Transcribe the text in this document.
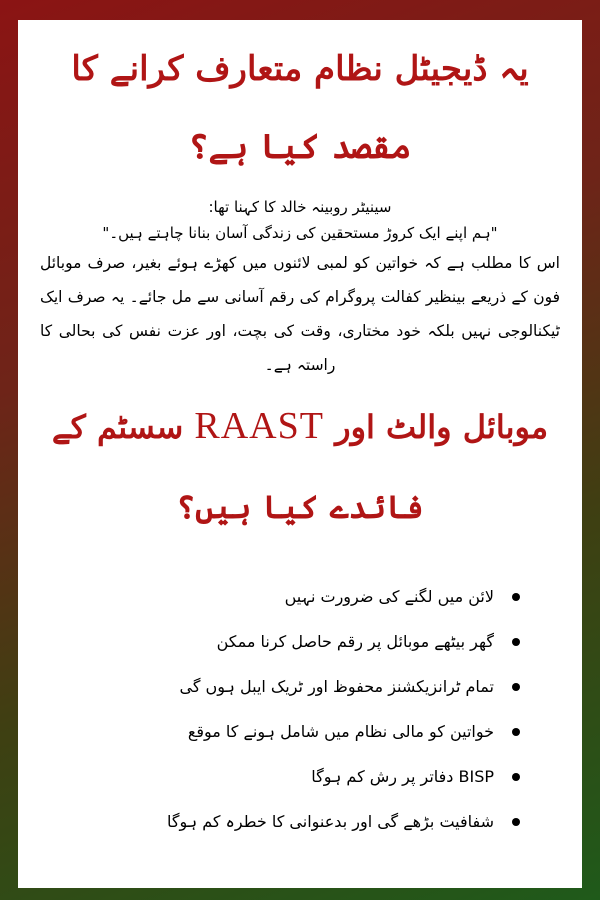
یہ ڈیجیٹل نظام متعارف کرانے کا
مقصد کیا ہے؟
سینیٹر روبینہ خالد کا کہنا تھا:
"ہم اپنے ایک کروڑ مستحقین کی زندگی آسان بنانا چاہتے ہیں۔"
اس کا مطلب ہے کہ خواتین کو لمبی لائنوں میں کھڑے ہوئے بغیر، صرف موبائل فون کے ذریعے بینظیر کفالت پروگرام کی رقم آسانی سے مل جائے۔ یہ صرف ایک ٹیکنالوجی نہیں بلکہ خود مختاری، وقت کی بچت، اور عزت نفس کی بحالی کا راستہ ہے۔
موبائل والٹ اور RAAST سسٹم کے
فائدے کیا ہیں؟
لائن میں لگنے کی ضرورت نہیں
گھر بیٹھے موبائل پر رقم حاصل کرنا ممکن
تمام ٹرانزیکشنز محفوظ اور ٹریک ایبل ہوں گی
خواتین کو مالی نظام میں شامل ہونے کا موقع
BISP دفاتر پر رش کم ہوگا
شفافیت بڑھے گی اور بدعنوانی کا خطرہ کم ہوگا
